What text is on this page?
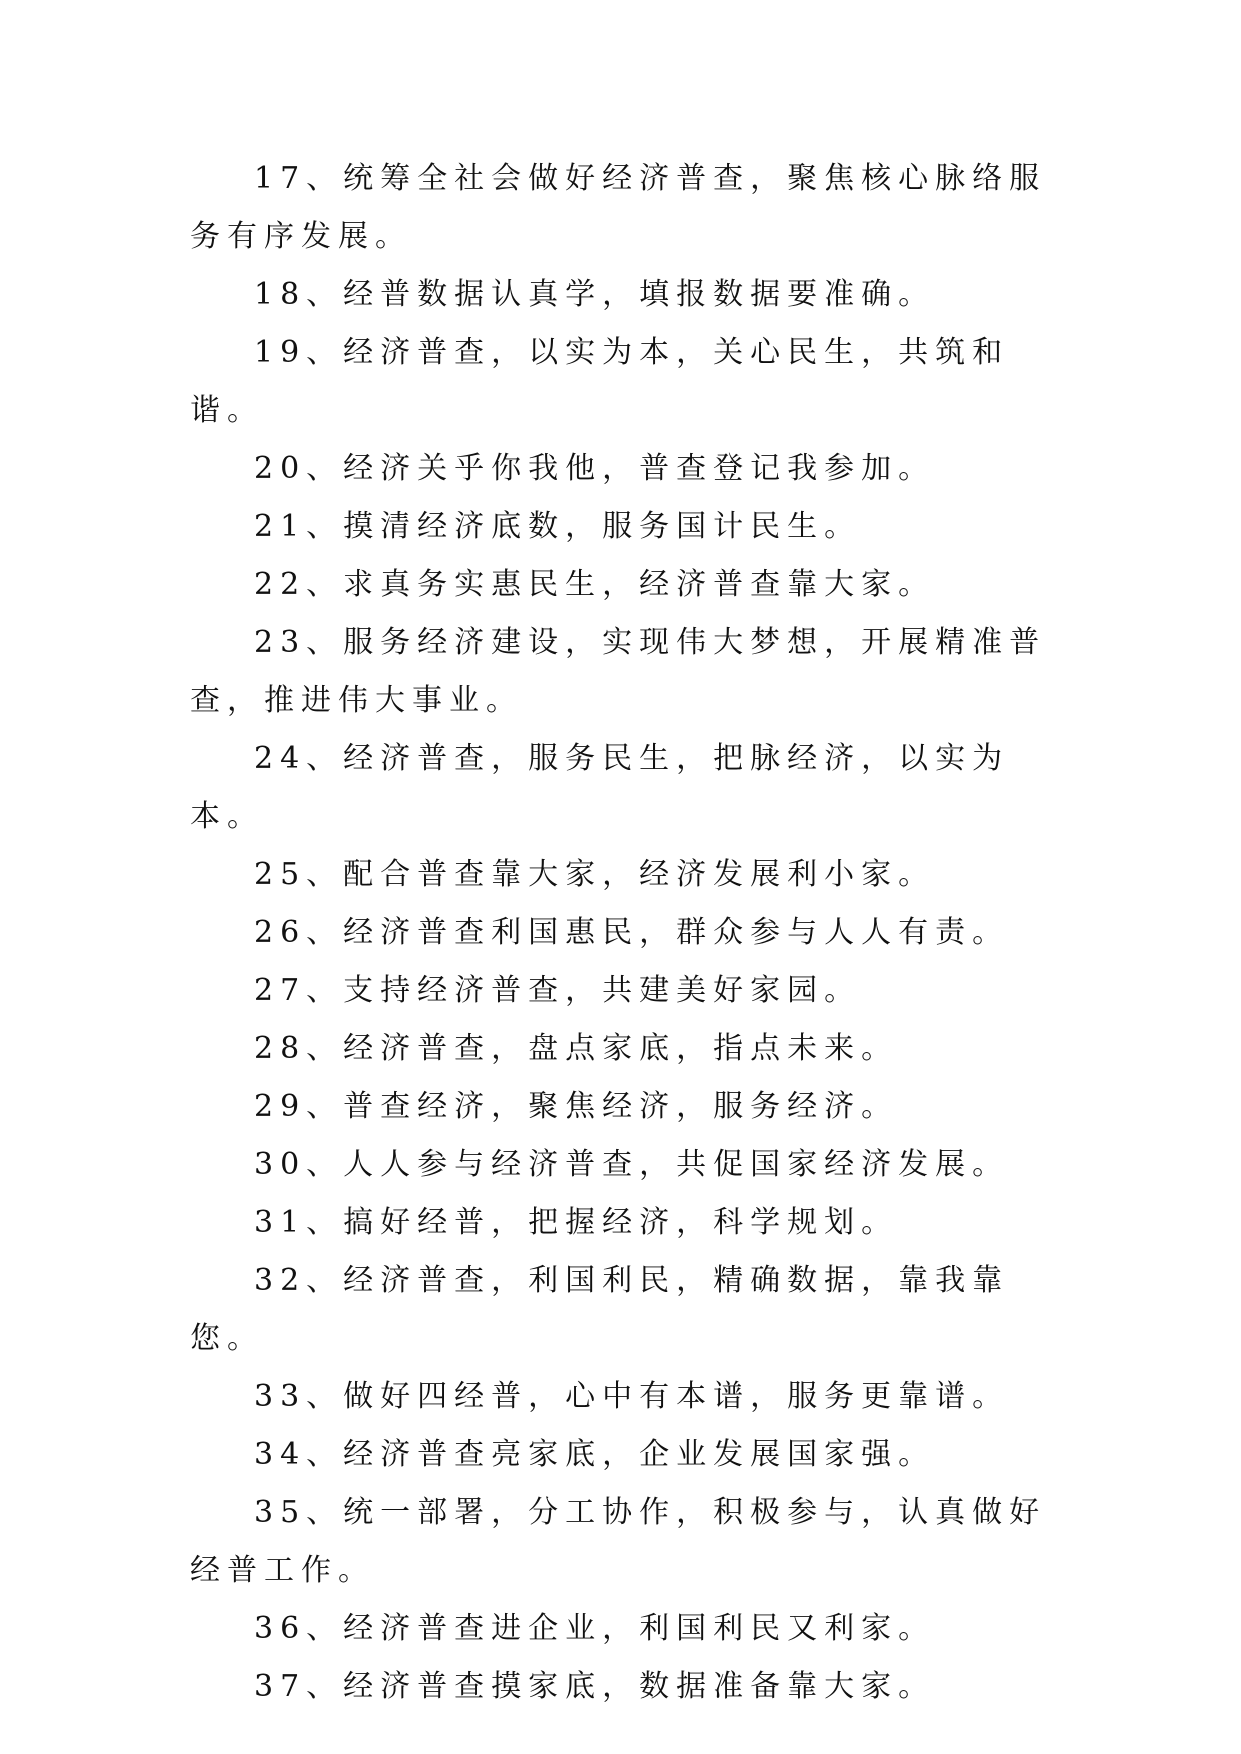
17、统筹全社会做好经济普查，聚焦核心脉络服务有序发展。

18、经普数据认真学，填报数据要准确。

19、经济普查，以实为本，关心民生，共筑和谐。

20、经济关乎你我他，普查登记我参加。

21、摸清经济底数，服务国计民生。

22、求真务实惠民生，经济普查靠大家。

23、服务经济建设，实现伟大梦想，开展精准普查，推进伟大事业。

24、经济普查，服务民生，把脉经济，以实为本。

25、配合普查靠大家，经济发展利小家。

26、经济普查利国惠民，群众参与人人有责。

27、支持经济普查，共建美好家园。

28、经济普查，盘点家底，指点未来。

29、普查经济，聚焦经济，服务经济。

30、人人参与经济普查，共促国家经济发展。

31、搞好经普，把握经济，科学规划。

32、经济普查，利国利民，精确数据，靠我靠您。

33、做好四经普，心中有本谱，服务更靠谱。

34、经济普查亮家底，企业发展国家强。

35、统一部署，分工协作，积极参与，认真做好经普工作。

36、经济普查进企业，利国利民又利家。

37、经济普查摸家底，数据准备靠大家。
